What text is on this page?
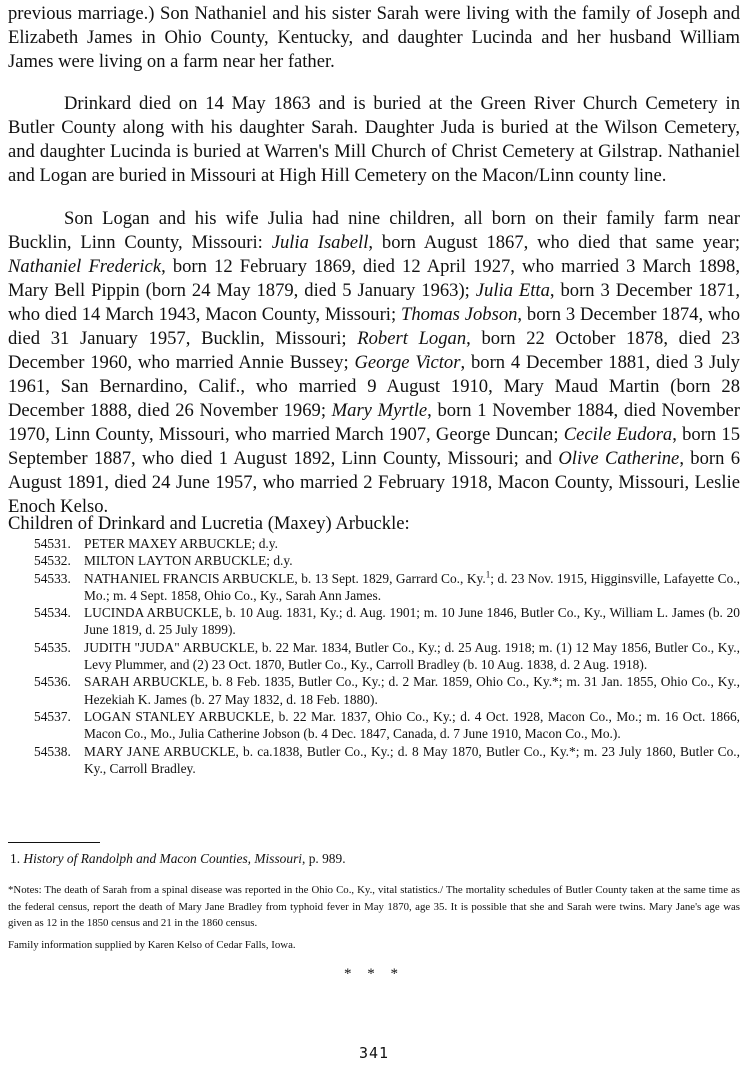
previous marriage.) Son Nathaniel and his sister Sarah were living with the family of Joseph and Elizabeth James in Ohio County, Kentucky, and daughter Lucinda and her husband William James were living on a farm near her father.

Drinkard died on 14 May 1863 and is buried at the Green River Church Cemetery in Butler County along with his daughter Sarah. Daughter Juda is buried at the Wilson Cemetery, and daughter Lucinda is buried at Warren's Mill Church of Christ Cemetery at Gilstrap. Nathaniel and Logan are buried in Missouri at High Hill Cemetery on the Macon/Linn county line.

Son Logan and his wife Julia had nine children, all born on their family farm near Bucklin, Linn County, Missouri: Julia Isabell, born August 1867, who died that same year; Nathaniel Frederick, born 12 February 1869, died 12 April 1927, who married 3 March 1898, Mary Bell Pippin (born 24 May 1879, died 5 January 1963); Julia Etta, born 3 December 1871, who died 14 March 1943, Macon County, Missouri; Thomas Jobson, born 3 December 1874, who died 31 January 1957, Bucklin, Missouri; Robert Logan, born 22 October 1878, died 23 December 1960, who married Annie Bussey; George Victor, born 4 December 1881, died 3 July 1961, San Bernardino, Calif., who married 9 August 1910, Mary Maud Martin (born 28 December 1888, died 26 November 1969; Mary Myrtle, born 1 November 1884, died November 1970, Linn County, Missouri, who married March 1907, George Duncan; Cecile Eudora, born 15 September 1887, who died 1 August 1892, Linn County, Missouri; and Olive Catherine, born 6 August 1891, died 24 June 1957, who married 2 February 1918, Macon County, Missouri, Leslie Enoch Kelso.

Children of Drinkard and Lucretia (Maxey) Arbuckle:
54531. PETER MAXEY ARBUCKLE; d.y.
54532. MILTON LAYTON ARBUCKLE; d.y.
54533. NATHANIEL FRANCIS ARBUCKLE, b. 13 Sept. 1829, Garrard Co., Ky.$^1$; d. 23 Nov. 1915, Higginsville, Lafayette Co., Mo.; m. 4 Sept. 1858, Ohio Co., Ky., Sarah Ann James.
54534. LUCINDA ARBUCKLE, b. 10 Aug. 1831, Ky.; d. Aug. 1901; m. 10 June 1846, Butler Co., Ky., William L. James (b. 20 June 1819, d. 25 July 1899).
54535. JUDITH "JUDA" ARBUCKLE, b. 22 Mar. 1834, Butler Co., Ky.; d. 25 Aug. 1918; m. (1) 12 May 1856, Butler Co., Ky., Levy Plummer, and (2) 23 Oct. 1870, Butler Co., Ky., Carroll Bradley (b. 10 Aug. 1838, d. 2 Aug. 1918).
54536. SARAH ARBUCKLE, b. 8 Feb. 1835, Butler Co., Ky.; d. 2 Mar. 1859, Ohio Co., Ky.*; m. 31 Jan. 1855, Ohio Co., Ky., Hezekiah K. James (b. 27 May 1832, d. 18 Feb. 1880).
54537. LOGAN STANLEY ARBUCKLE, b. 22 Mar. 1837, Ohio Co., Ky.; d. 4 Oct. 1928, Macon Co., Mo.; m. 16 Oct. 1866, Macon Co., Mo., Julia Catherine Jobson (b. 4 Dec. 1847, Canada, d. 7 June 1910, Macon Co., Mo.).
54538. MARY JANE ARBUCKLE, b. ca.1838, Butler Co., Ky.; d. 8 May 1870, Butler Co., Ky.*; m. 23 July 1860, Butler Co., Ky., Carroll Bradley.
1. History of Randolph and Macon Counties, Missouri, p. 989.

*Notes: The death of Sarah from a spinal disease was reported in the Ohio Co., Ky., vital statistics./ The mortality schedules of Butler County taken at the same time as the federal census, report the death of Mary Jane Bradley from typhoid fever in May 1870, age 35. It is possible that she and Sarah were twins. Mary Jane's age was given as 12 in the 1850 census and 21 in the 1860 census.

Family information supplied by Karen Kelso of Cedar Falls, Iowa.
* * *
341
